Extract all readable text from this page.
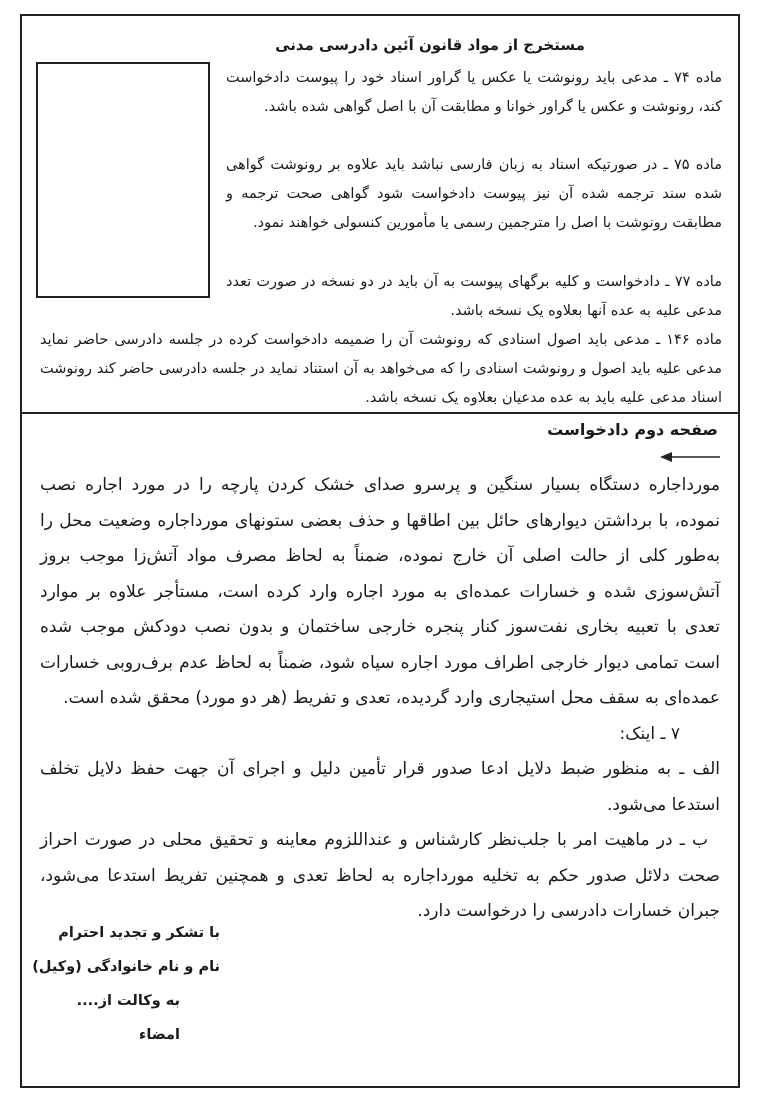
مستخرج از مواد قانون آئین دادرسی مدنی
ماده ۷۴ ـ مدعی باید رونوشت یا عکس یا گراور اسناد خود را پیوست دادخواست کند، رونوشت و عکس یا گراور خوانا و مطابقت آن با اصل گواهی شده باشد.
ماده ۷۵ ـ در صورتیکه اسناد به زبان فارسی نباشد باید علاوه بر رونوشت گواهی شده سند ترجمه شده آن نیز پیوست دادخواست شود گواهی صحت ترجمه و مطابقت رونوشت با اصل را مترجمین رسمی یا مأمورین کنسولی خواهند نمود.
ماده ۷۷ ـ دادخواست و کلیه برگهای پیوست به آن باید در دو نسخه در صورت تعدد مدعی علیه به عده آنها بعلاوه یک نسخه باشد.
ماده ۱۴۶ ـ مدعی باید اصول اسنادی که رونوشت آن را ضمیمه دادخواست کرده در جلسه دادرسی حاضر نماید مدعی علیه باید اصول و رونوشت اسنادی را که می‌خواهد به آن استناد نماید در جلسه دادرسی حاضر کند رونوشت اسناد مدعی علیه باید به عده مدعیان بعلاوه یک نسخه باشد.
صفحه دوم دادخواست

مورداجاره دستگاه بسیار سنگین و پرسرو صدای خشک کردن پارچه را در مورد اجاره نصب نموده، با برداشتن دیوارهای حائل بین اطاقها و حذف بعضی ستونهای مورداجاره وضعیت محل را به‌طور کلی از حالت اصلی آن خارج نموده، ضمناً به لحاظ مصرف مواد آتش‌زا موجب بروز آتش‌سوزی شده و خسارات عمده‌ای به مورد اجاره وارد کرده است، مستأجر علاوه بر موارد تعدی با تعبیه بخاری نفت‌سوز کنار پنجره خارجی ساختمان و بدون نصب دودکش موجب شده است تمامی دیوار خارجی اطراف مورد اجاره سیاه شود، ضمناً به لحاظ عدم برف‌روبی خسارات عمده‌ای به سقف محل استیجاری وارد گردیده، تعدی و تفریط (هر دو مورد) محقق شده است.

۷ ـ اینک:

الف ـ به منظور ضبط دلایل ادعا صدور قرار تأمین دلیل و اجرای آن جهت حفظ دلایل تخلف استدعا می‌شود.

ب ـ در ماهیت امر با جلب‌نظر کارشناس و عنداللزوم معاینه و تحقیق محلی در صورت احراز صحت دلائل صدور حکم به تخلیه مورداجاره به لحاظ تعدی و همچنین تفریط استدعا می‌شود، جبران خسارات دادرسی را درخواست دارد.

با تشکر و تجدید احترام
نام و نام خانوادگی (وکیل)
به وکالت از....
امضاء
